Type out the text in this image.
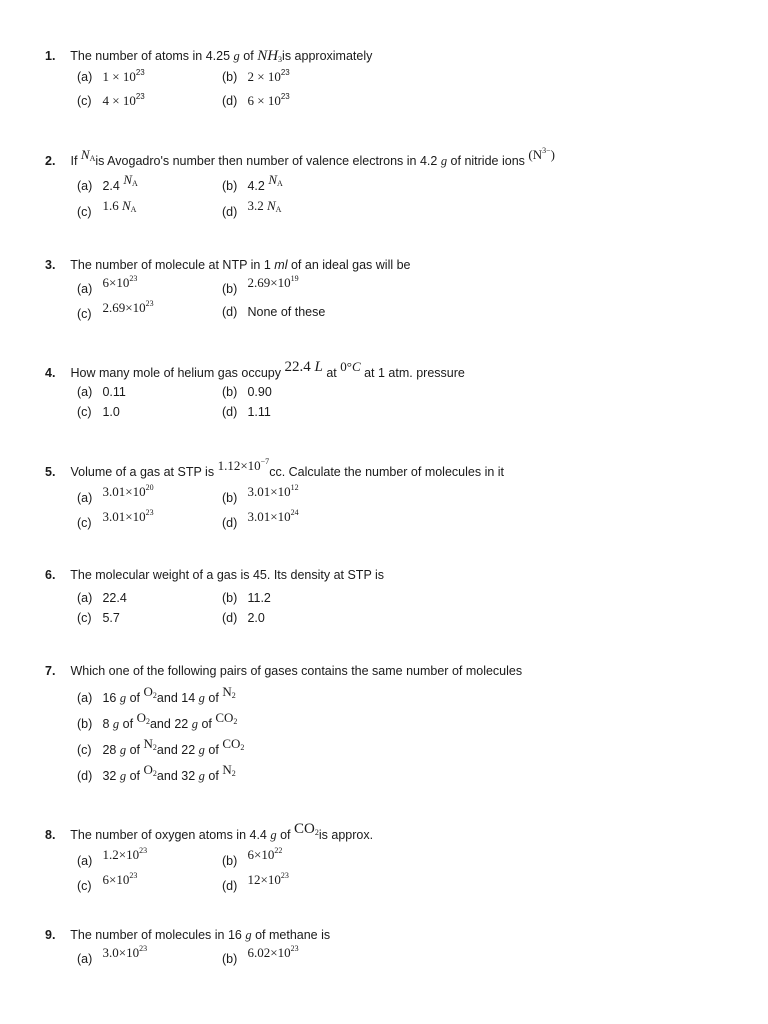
1. The number of atoms in 4.25 g of $NH_3is$ approximately
(a) $1 \times 10^{23}$	(b) $2 \times 10^{23}$
(c) $4 \times 10^{23}$	(d) $6 \times 10^{23}$
2. If $N_Ais$ Avogadro's number then number of valence electrons in 4.2 g of nitride ions $(N^{3-})$
(a) 2.4 $N_A$	(b) 4.2 $N_A$
(c) 1.6 $N_A$	(d) 3.2 $N_A$
3. The number of molecule at NTP in 1 ml of an ideal gas will be
(a) $6\times 10^{23}$
(b) $2.69\times 10^{19}$
(c) $2.69\times 10^{23}$
(d) None of these
4. How many mole of helium gas occupy 22.4 L at 0°C at 1 atm. pressure
(a) 0.11	(b) 0.90
(c) 1.0	(d) 1.11
5. Volume of a gas at STP is $1.12\times 10^{-7}cc$. Calculate the number of molecules in it
(a) $3.01\times 10^{20}$
(b) $3.01\times 10^{12}$
(c) $3.01\times 10^{23}$
(d) $3.01\times 10^{24}$
6. The molecular weight of a gas is 45. Its density at STP is
(a) 22.4	(b) 11.2
(c) 5.7	(d) 2.0
7. Which one of the following pairs of gases contains the same number of molecules
(a) 16 g of $O_2and$ 14 g of $N_2$
(b) 8 g of $O_2and$ 22 g of $CO_2$
(c) 28 g of $N_2and$ 22 g of $CO_2$
(d) 32 g of $O_2and$ 32 g of $N_2$
8. The number of oxygen atoms in 4.4 g of $CO_2is$ approx.
(a) $1.2\times 10^{23}$
(b) $6\times 10^{22}$
(c) $6\times 10^{23}$
(d) $12\times 10^{23}$
9. The number of molecules in 16 g of methane is
(a) $3.0\times 10^{23}$
(b) $6.02\times 10^{23}$
